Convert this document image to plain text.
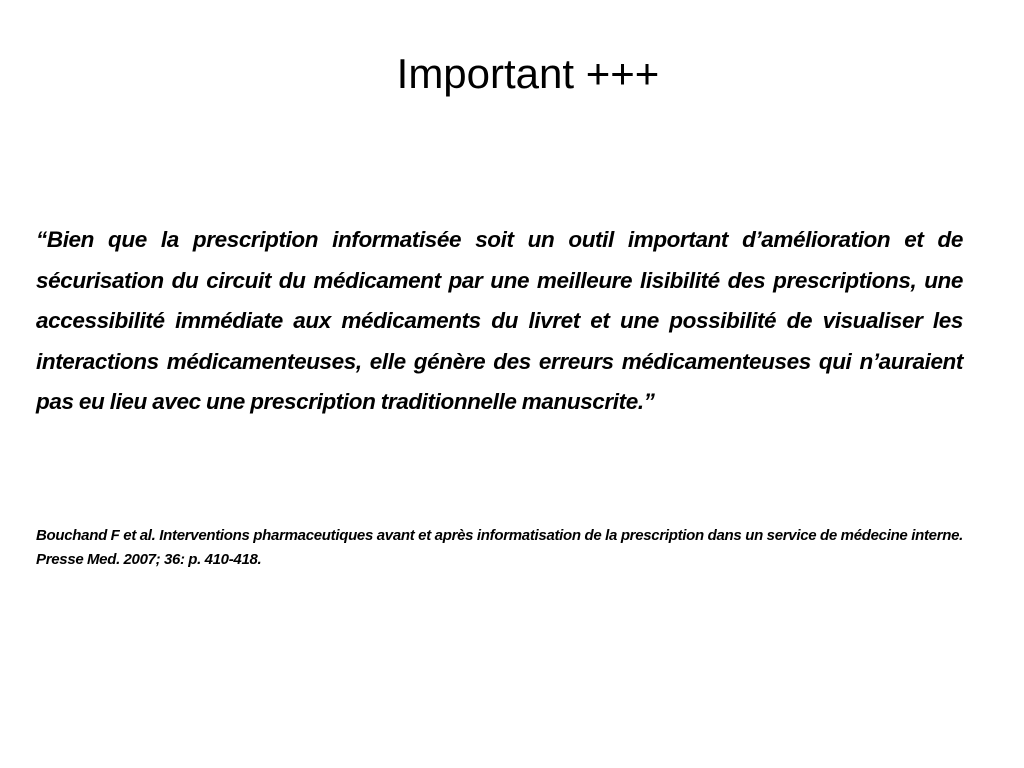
Important +++

“Bien que la prescription informatisée soit un outil important d’amélioration et de sécurisation du circuit du médicament par une meilleure lisibilité des prescriptions, une accessibilité immédiate aux médicaments du livret et une possibilité de visualiser les interactions médicamenteuses, elle génère des erreurs médicamenteuses qui n’auraient pas eu lieu avec une prescription traditionnelle manuscrite.”

Bouchand F et al. Interventions pharmaceutiques avant et après informatisation de la prescription dans un service de médecine interne. Presse Med. 2007; 36: p. 410-418.
